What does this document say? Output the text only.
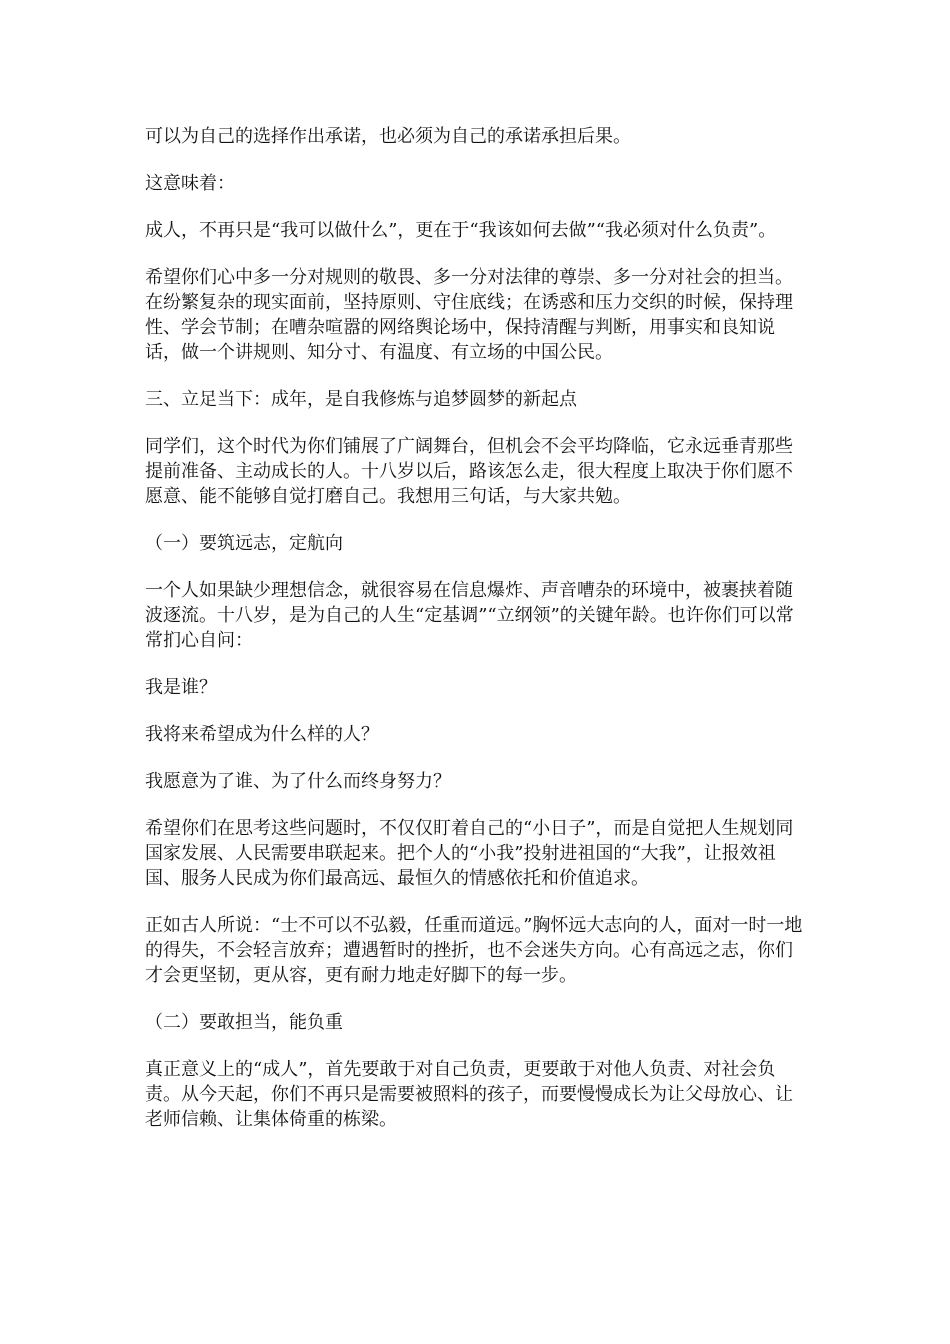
可以为自己的选择作出承诺，也必须为自己的承诺承担后果。

这意味着：

成人，不再只是“我可以做什么”，更在于“我该如何去做”“我必须对什么负责”。

希望你们心中多一分对规则的敬畏、多一分对法律的尊崇、多一分对社会的担当。在纷繁复杂的现实面前，坚持原则、守住底线；在诱惑和压力交织的时候，保持理性、学会节制；在嘈杂喧嚣的网络舆论场中，保持清醒与判断，用事实和良知说话，做一个讲规则、知分寸、有温度、有立场的中国公民。

三、立足当下：成年，是自我修炼与追梦圆梦的新起点

同学们，这个时代为你们铺展了广阔舞台，但机会不会平均降临，它永远垂青那些提前准备、主动成长的人。十八岁以后，路该怎么走，很大程度上取决于你们愿不愿意、能不能够自觉打磨自己。我想用三句话，与大家共勉。

（一）要筑远志，定航向

一个人如果缺少理想信念，就很容易在信息爆炸、声音嘈杂的环境中，被裹挟着随波逐流。十八岁，是为自己的人生“定基调”“立纲领”的关键年龄。也许你们可以常常扪心自问：

我是谁？

我将来希望成为什么样的人？

我愿意为了谁、为了什么而终身努力？

希望你们在思考这些问题时，不仅仅盯着自己的“小日子”，而是自觉把人生规划同国家发展、人民需要串联起来。把个人的“小我”投射进祖国的“大我”，让报效祖国、服务人民成为你们最高远、最恒久的情感依托和价值追求。

正如古人所说：“士不可以不弘毅，任重而道远。”胸怀远大志向的人，面对一时一地的得失，不会轻言放弃；遭遇暂时的挫折，也不会迷失方向。心有高远之志，你们才会更坚韧，更从容，更有耐力地走好脚下的每一步。

（二）要敢担当，能负重

真正意义上的“成人”，首先要敢于对自己负责，更要敢于对他人负责、对社会负责。从今天起，你们不再只是需要被照料的孩子，而要慢慢成长为让父母放心、让老师信赖、让集体倚重的栋梁。
